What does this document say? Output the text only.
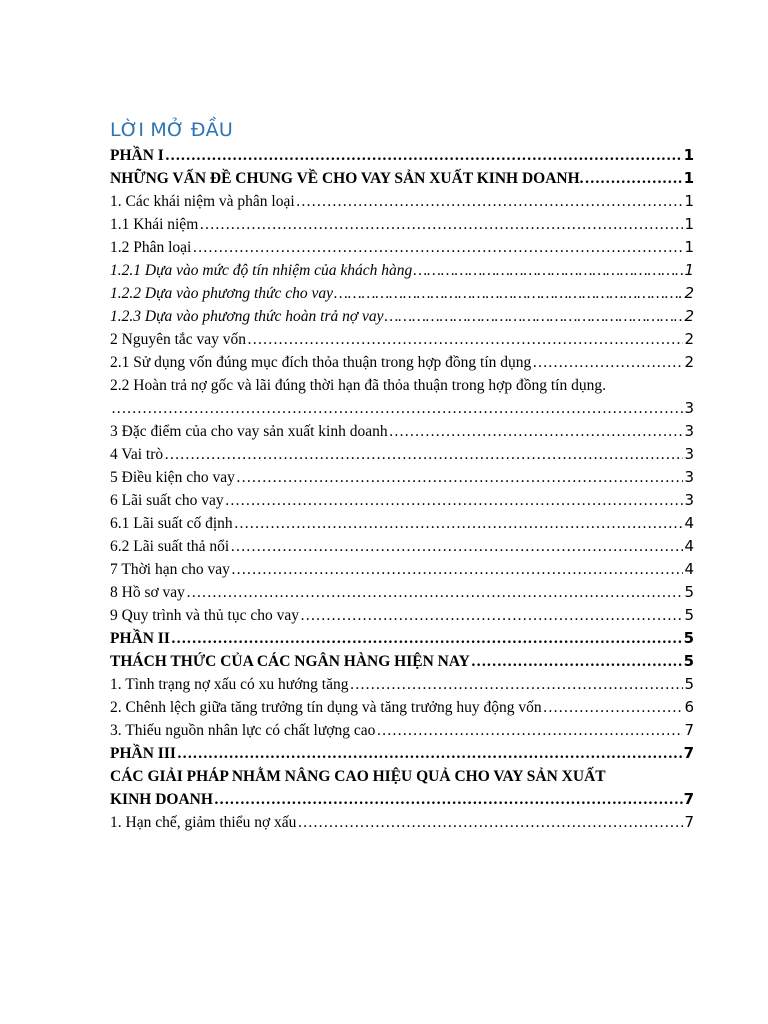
LỜI MỞ ĐẦU
PHẦN I ……………………………………………………………………………………………………………………………………………………………………………………………………………………………	1
NHỮNG VẤN ĐỀ CHUNG VỀ CHO VAY SẢN XUẤT KINH DOANH. ……………………………………………………………………………………………………………………………………………………………………………………………………………………………	1
1. Các khái niệm và phân loại ……………………………………………………………………………………………………………………………………………………………………………………………………………………………	1
1.1 Khái niệm ……………………………………………………………………………………………………………………………………………………………………………………………………………………………	1
1.2 Phân loại ……………………………………………………………………………………………………………………………………………………………………………………………………………………………	1
1.2.1 Dựa vào mức độ tín nhiệm của khách hàng ……………………………………………………………………………………………………………………………………………………………………………………………………………………………	1
1.2.2 Dựa vào phương thức cho vay ……………………………………………………………………………………………………………………………………………………………………………………………………………………………	2
1.2.3 Dựa vào phương thức hoàn trả nợ vay ……………………………………………………………………………………………………………………………………………………………………………………………………………………………	2
2 Nguyên tắc vay vốn ……………………………………………………………………………………………………………………………………………………………………………………………………………………………	2
2.1 Sử dụng vốn đúng mục đích thỏa thuận trong hợp đồng tín dụng ……………………………………………………………………………………………………………………………………………………………………………………………………………………………	2
2.2 Hoàn trả nợ gốc và lãi đúng thời hạn đã thỏa thuận trong hợp đồng tín dụng.
……………………………………………………………………………………………………………………………………………………………………………………………………………………………
3
3 Đặc điểm của cho vay sản xuất kinh doanh ……………………………………………………………………………………………………………………………………………………………………………………………………………………………	3
4 Vai trò ……………………………………………………………………………………………………………………………………………………………………………………………………………………………	3
5 Điều kiện cho vay ……………………………………………………………………………………………………………………………………………………………………………………………………………………………	3
6 Lãi suất cho vay ……………………………………………………………………………………………………………………………………………………………………………………………………………………………	3
6.1 Lãi suất cố định ……………………………………………………………………………………………………………………………………………………………………………………………………………………………	4
6.2 Lãi suất thả nổi ……………………………………………………………………………………………………………………………………………………………………………………………………………………………	4
7 Thời hạn cho vay ……………………………………………………………………………………………………………………………………………………………………………………………………………………………	4
8 Hồ sơ vay ……………………………………………………………………………………………………………………………………………………………………………………………………………………………	5
9 Quy trình và thủ tục cho vay ……………………………………………………………………………………………………………………………………………………………………………………………………………………………	5
PHẦN II ……………………………………………………………………………………………………………………………………………………………………………………………………………………………	5
THÁCH THỨC CỦA CÁC NGÂN HÀNG HIỆN NAY ……………………………………………………………………………………………………………………………………………………………………………………………………………………………	5
1. Tình trạng nợ xấu có xu hướng tăng ……………………………………………………………………………………………………………………………………………………………………………………………………………………………	5
2. Chênh lệch giữa tăng trưởng tín dụng và tăng trưởng huy động vốn ……………………………………………………………………………………………………………………………………………………………………………………………………………………………	6
3. Thiếu nguồn nhân lực có chất lượng cao ……………………………………………………………………………………………………………………………………………………………………………………………………………………………	7
PHẦN III ……………………………………………………………………………………………………………………………………………………………………………………………………………………………	7
CÁC GIẢI PHÁP NHẰM NÂNG CAO HIỆU QUẢ CHO VAY SẢN XUẤT
KINH DOANH ……………………………………………………………………………………………………………………………………………………………………………………………………………………………	7
1. Hạn chế, giảm thiểu nợ xấu ……………………………………………………………………………………………………………………………………………………………………………………………………………………………	7
